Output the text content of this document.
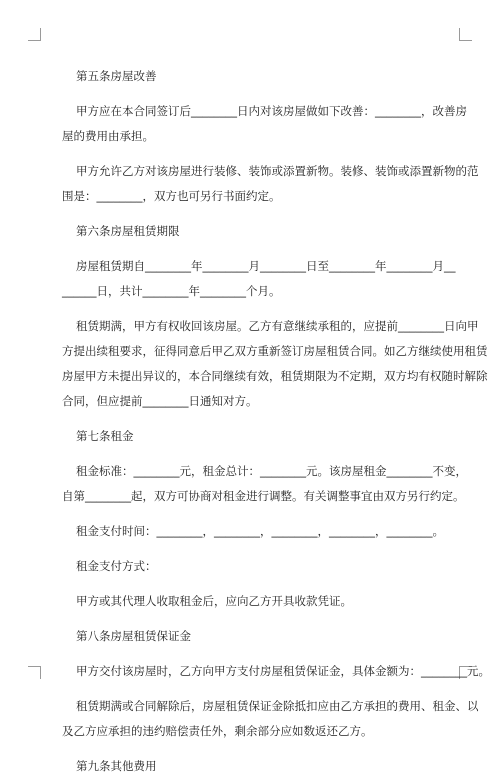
第五条房屋改善
甲方应在本合同签订后________日内对该房屋做如下改善：________，改善房
屋的费用由承担。
甲方允许乙方对该房屋进行装修、装饰或添置新物。装修、装饰或添置新物的范
围是：________，双方也可另行书面约定。
第六条房屋租赁期限
房屋租赁期自________年________月________日至________年________月__
______日，共计________年________个月。
租赁期满，甲方有权收回该房屋。乙方有意继续承租的，应提前________日向甲
方提出续租要求，征得同意后甲乙双方重新签订房屋租赁合同。如乙方继续使用租赁
房屋甲方未提出异议的，本合同继续有效，租赁期限为不定期，双方均有权随时解除
合同，但应提前________日通知对方。
第七条租金
租金标准：________元，租金总计：________元。该房屋租金________不变，
自第________起，双方可协商对租金进行调整。有关调整事宜由双方另行约定。
租金支付时间：________，________，________，________，________。
租金支付方式：
甲方或其代理人收取租金后，应向乙方开具收款凭证。
第八条房屋租赁保证金
甲方交付该房屋时，乙方向甲方支付房屋租赁保证金，具体金额为：________元。
租赁期满或合同解除后，房屋租赁保证金除抵扣应由乙方承担的费用、租金、以
及乙方应承担的违约赔偿责任外，剩余部分应如数返还乙方。
第九条其他费用
